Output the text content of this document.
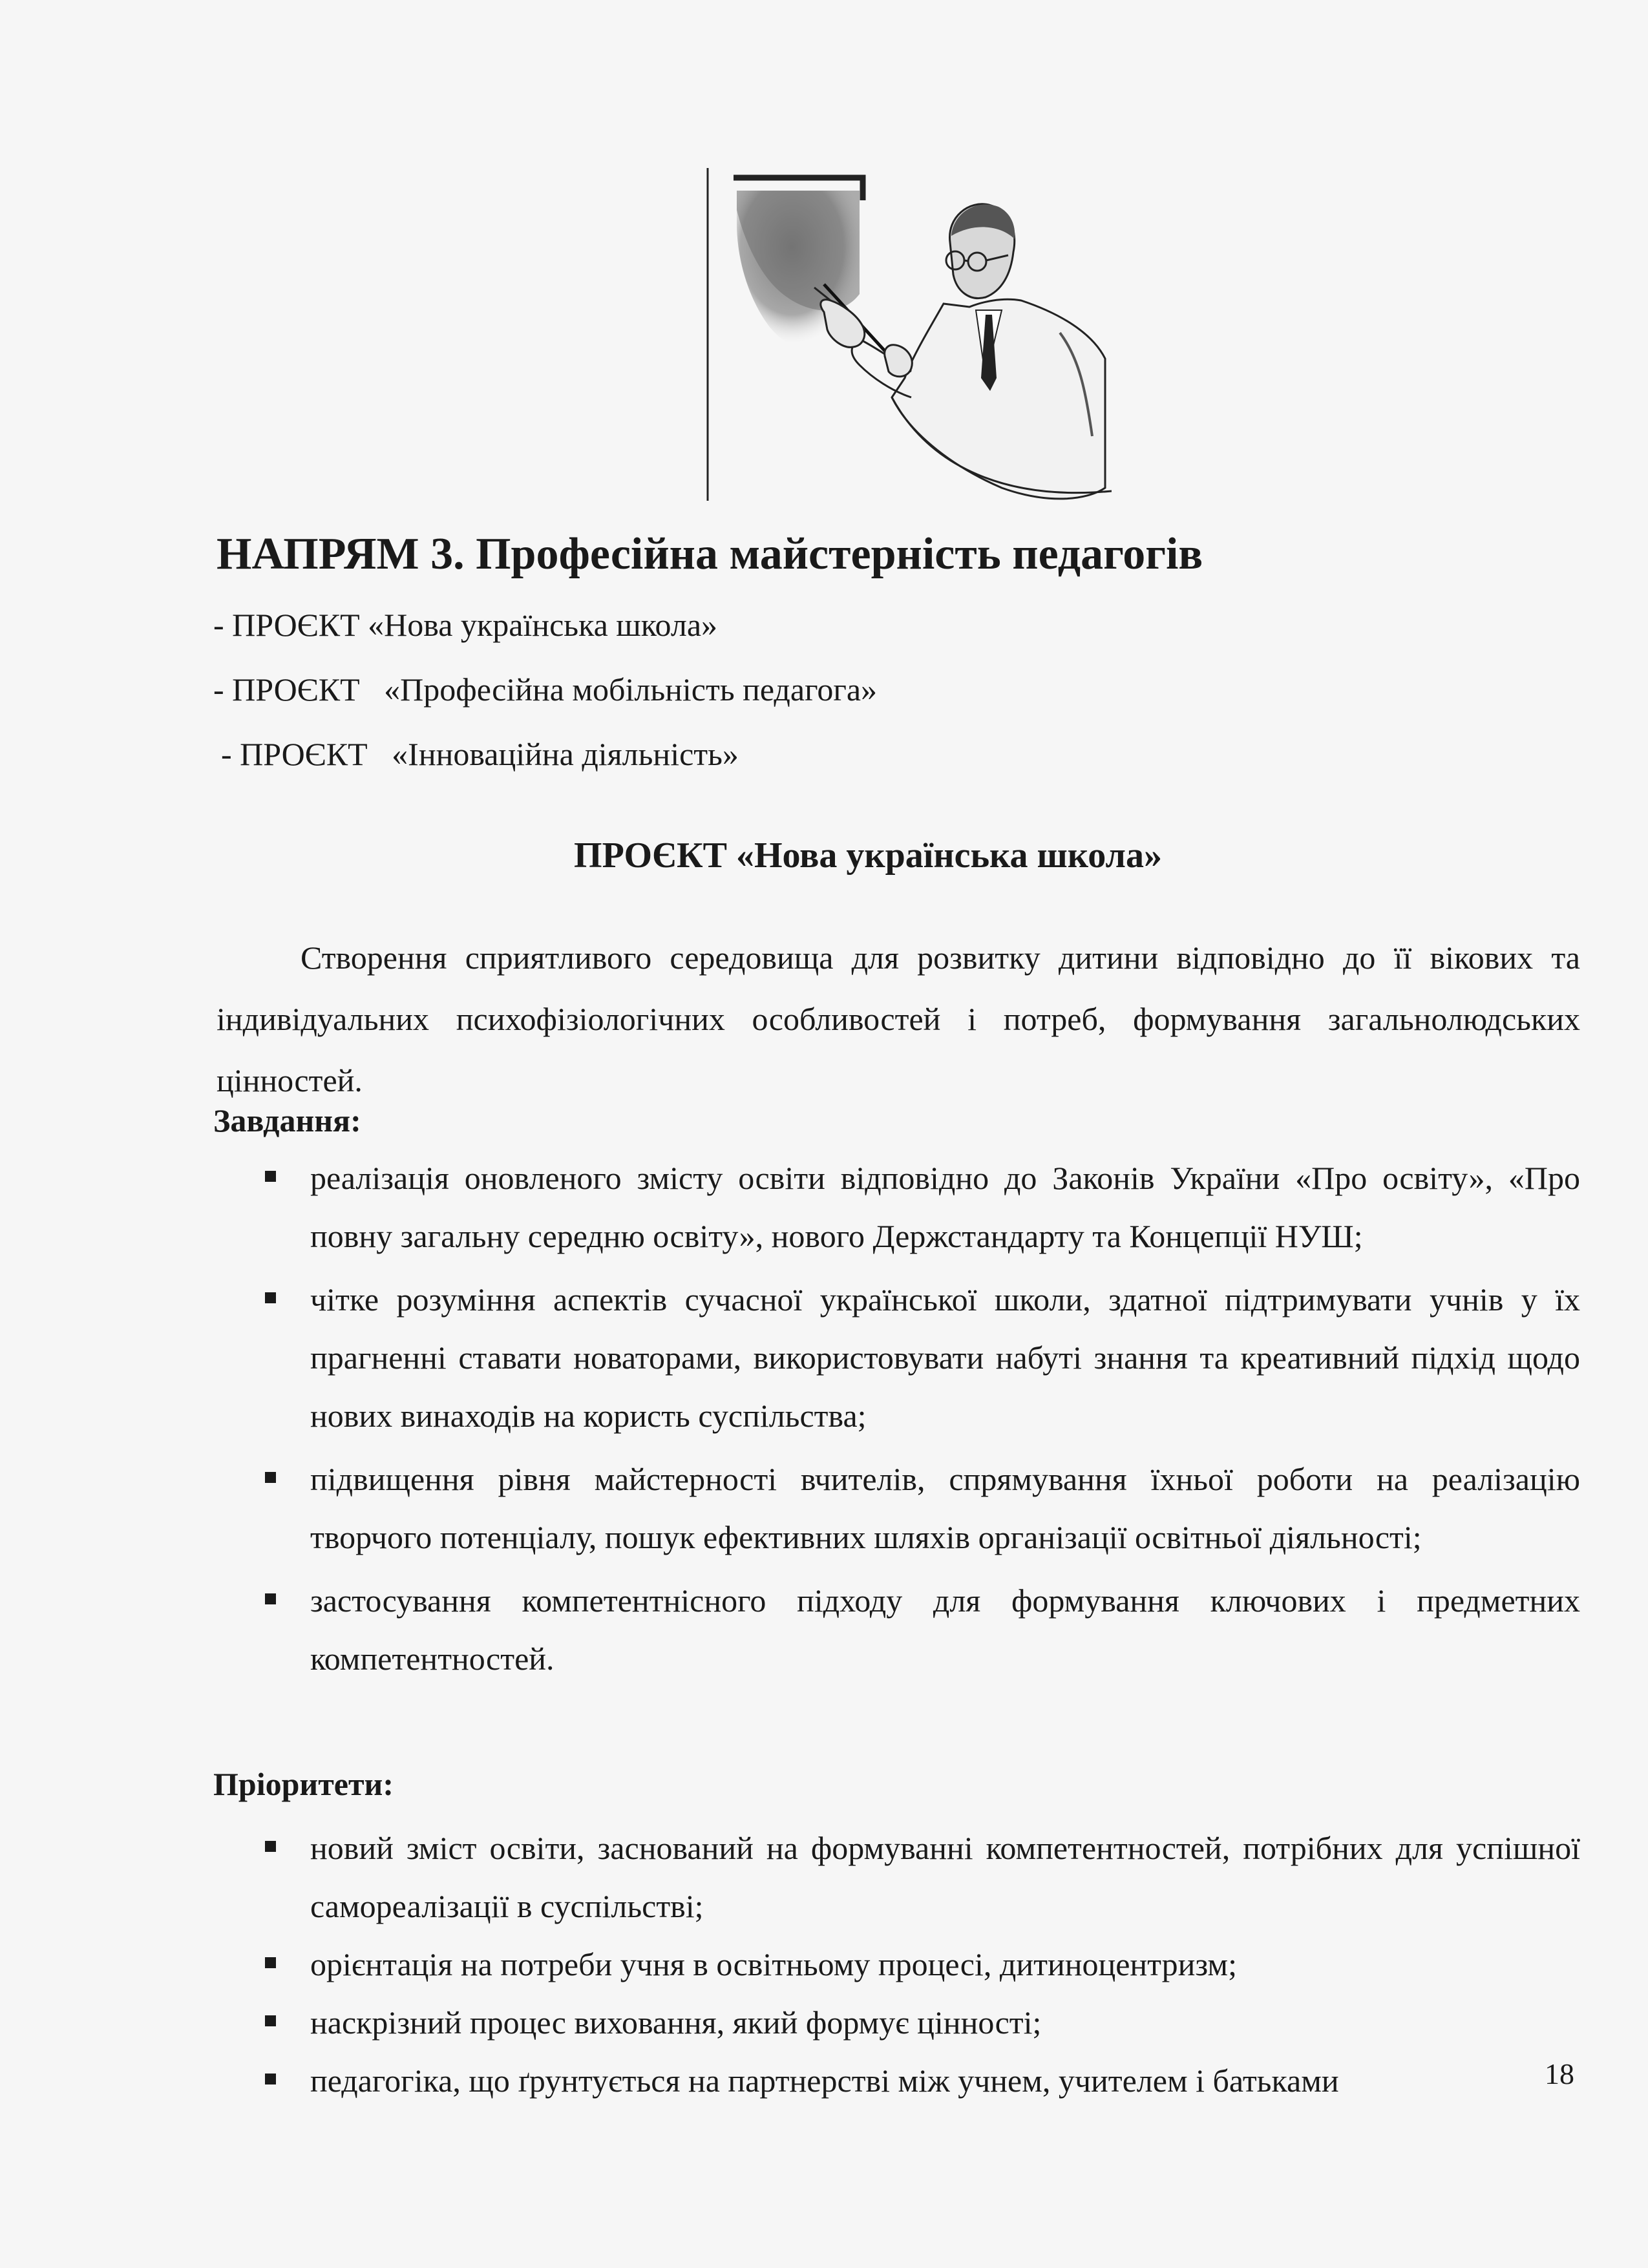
НАПРЯМ 3. Професійна майстерність педагогів
- ПРОЄКТ «Нова українська школа»
- ПРОЄКТ   «Професійна мобільність педагога»
- ПРОЄКТ   «Інноваційна діяльність»
ПРОЄКТ «Нова українська школа»

Створення сприятливого середовища для розвитку дитини відповідно до її вікових та індивідуальних психофізіологічних особливостей і потреб, формування загальнолюдських цінностей.

Завдання:

реалізація оновленого змісту освіти відповідно до Законів України «Про освіту», «Про повну загальну середню освіту», нового Держстандарту та Концепції НУШ;
чітке розуміння аспектів сучасної української школи, здатної підтримувати учнів у їх прагненні ставати новаторами, використовувати набуті знання та креативний підхід щодо нових винаходів на користь суспільства;
підвищення рівня майстерності вчителів, спрямування їхньої роботи на реалізацію творчого потенціалу, пошук ефективних шляхів організації освітньої діяльності;
застосування компетентнісного підходу для формування ключових і предметних компетентностей.

Пріоритети:

новий зміст освіти, заснований на формуванні компетентностей, потрібних для успішної самореалізації в суспільстві;
орієнтація на потреби учня в освітньому процесі, дитиноцентризм;
наскрізний процес виховання, який формує цінності;
педагогіка, що ґрунтується на партнерстві між учнем, учителем і батьками	18
